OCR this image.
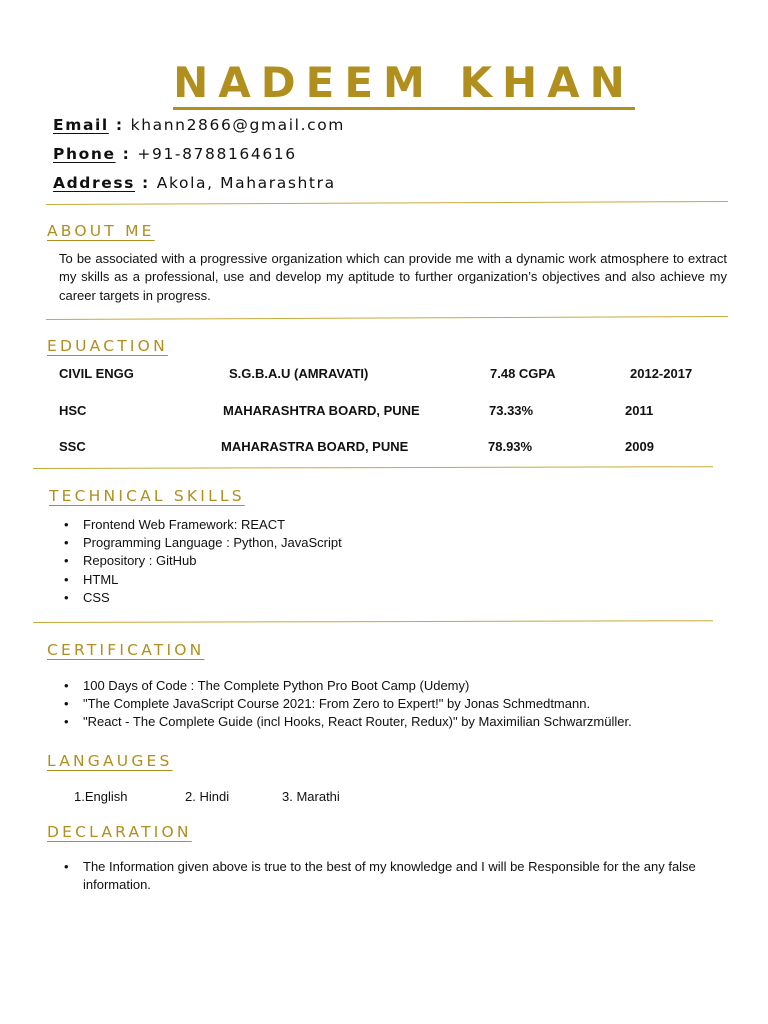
NADEEM KHAN
Email : khann2866@gmail.com
Phone : +91-8788164616
Address : Akola, Maharashtra
ABOUT ME
To be associated with a progressive organization which can provide me with a dynamic work atmosphere to extract my skills as a professional, use and develop my aptitude to further organization’s objectives and also achieve my career targets in progress.
EDUACTION
CIVIL ENGG	S.G.B.A.U (AMRAVATI)	7.48 CGPA	2012-2017
HSC	MAHARASHTRA BOARD, PUNE	73.33%	2011
SSC	MAHARASTRA BOARD, PUNE	78.93%	2009
TECHNICAL SKILLS
• Frontend Web Framework: REACT
• Programming Language : Python, JavaScript
• Repository : GitHub
• HTML
• CSS
CERTIFICATION
• 100 Days of Code : The Complete Python Pro Boot Camp (Udemy)
• "The Complete JavaScript Course 2021: From Zero to Expert!" by Jonas Schmedtmann.
• "React - The Complete Guide (incl Hooks, React Router, Redux)" by Maximilian Schwarzmüller.
LANGAUGES
1.English	2. Hindi	3. Marathi
DECLARATION
• The Information given above is true to the best of my knowledge and I will be Responsible for the any false information.
